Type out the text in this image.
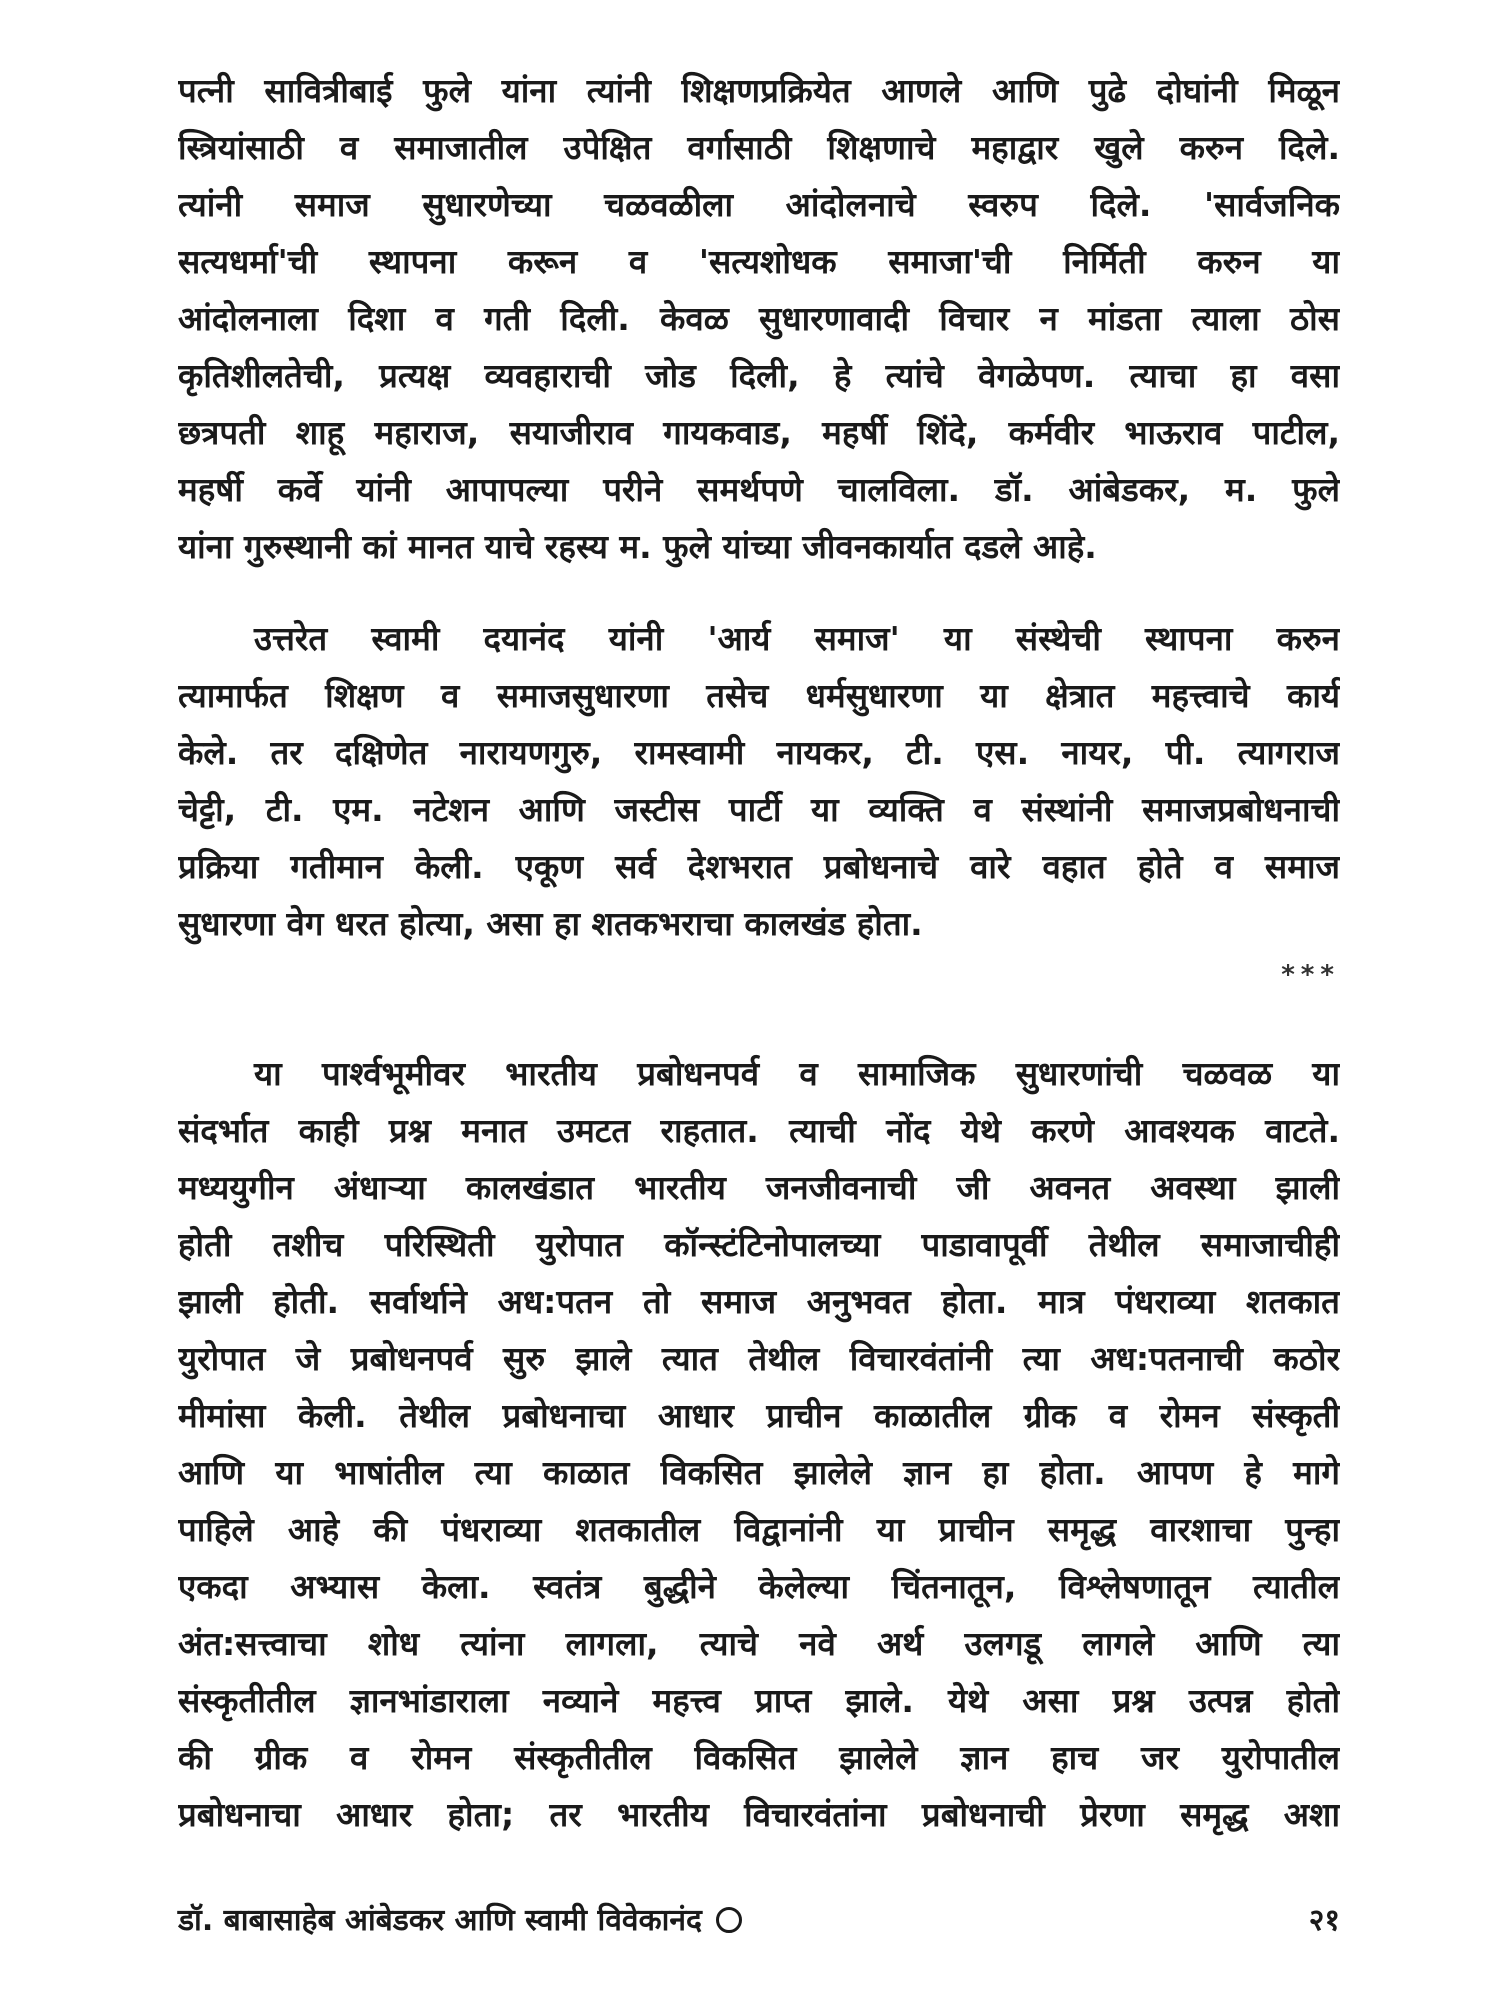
पत्नी सावित्रीबाई फुले यांना त्यांनी शिक्षणप्रक्रियेत आणले आणि पुढे दोघांनी मिळून
स्त्रियांसाठी व समाजातील उपेक्षित वर्गासाठी शिक्षणाचे महाद्वार खुले करुन दिले.
त्यांनी समाज सुधारणेच्या चळवळीला आंदोलनाचे स्वरुप दिले. 'सार्वजनिक
सत्यधर्मा'ची स्थापना करून व 'सत्यशोधक समाजा'ची निर्मिती करुन या
आंदोलनाला दिशा व गती दिली. केवळ सुधारणावादी विचार न मांडता त्याला ठोस
कृतिशीलतेची, प्रत्यक्ष व्यवहाराची जोड दिली, हे त्यांचे वेगळेपण. त्याचा हा वसा
छत्रपती शाहू महाराज, सयाजीराव गायकवाड, महर्षी शिंदे, कर्मवीर भाऊराव पाटील,
महर्षी कर्वे यांनी आपापल्या परीने समर्थपणे चालविला. डॉ. आंबेडकर, म. फुले
यांना गुरुस्थानी कां मानत याचे रहस्य म. फुले यांच्या जीवनकार्यात दडले आहे.
उत्तरेत स्वामी दयानंद यांनी 'आर्य समाज' या संस्थेची स्थापना करुन
त्यामार्फत शिक्षण व समाजसुधारणा तसेच धर्मसुधारणा या क्षेत्रात महत्त्वाचे कार्य
केले. तर दक्षिणेत नारायणगुरु, रामस्वामी नायकर, टी. एस. नायर, पी. त्यागराज
चेट्टी, टी. एम. नटेशन आणि जस्टीस पार्टी या व्यक्ति व संस्थांनी समाजप्रबोधनाची
प्रक्रिया गतीमान केली. एकूण सर्व देशभरात प्रबोधनाचे वारे वहात होते व समाज
सुधारणा वेग धरत होत्या, असा हा शतकभराचा कालखंड होता.
***
या पार्श्वभूमीवर भारतीय प्रबोधनपर्व व सामाजिक सुधारणांची चळवळ या
संदर्भात काही प्रश्न मनात उमटत राहतात. त्याची नोंद येथे करणे आवश्यक वाटते.
मध्ययुगीन अंधाऱ्या कालखंडात भारतीय जनजीवनाची जी अवनत अवस्था झाली
होती तशीच परिस्थिती युरोपात कॉन्स्टंटिनोपालच्या पाडावापूर्वी तेथील समाजाचीही
झाली होती. सर्वार्थाने अध:पतन तो समाज अनुभवत होता. मात्र पंधराव्या शतकात
युरोपात जे प्रबोधनपर्व सुरु झाले त्यात तेथील विचारवंतांनी त्या अध:पतनाची कठोर
मीमांसा केली. तेथील प्रबोधनाचा आधार प्राचीन काळातील ग्रीक व रोमन संस्कृती
आणि या भाषांतील त्या काळात विकसित झालेले ज्ञान हा होता. आपण हे मागे
पाहिले आहे की पंधराव्या शतकातील विद्वानांनी या प्राचीन समृद्ध वारशाचा पुन्हा
एकदा अभ्यास केला. स्वतंत्र बुद्धीने केलेल्या चिंतनातून, विश्लेषणातून त्यातील
अंत:सत्त्वाचा शोध त्यांना लागला, त्याचे नवे अर्थ उलगडू लागले आणि त्या
संस्कृतीतील ज्ञानभांडाराला नव्याने महत्त्व प्राप्त झाले. येथे असा प्रश्न उत्पन्न होतो
की ग्रीक व रोमन संस्कृतीतील विकसित झालेले ज्ञान हाच जर युरोपातील
प्रबोधनाचा आधार होता; तर भारतीय विचारवंतांना प्रबोधनाची प्रेरणा समृद्ध अशा
डॉ. बाबासाहेब आंबेडकर आणि स्वामी विवेकानंद	२१
